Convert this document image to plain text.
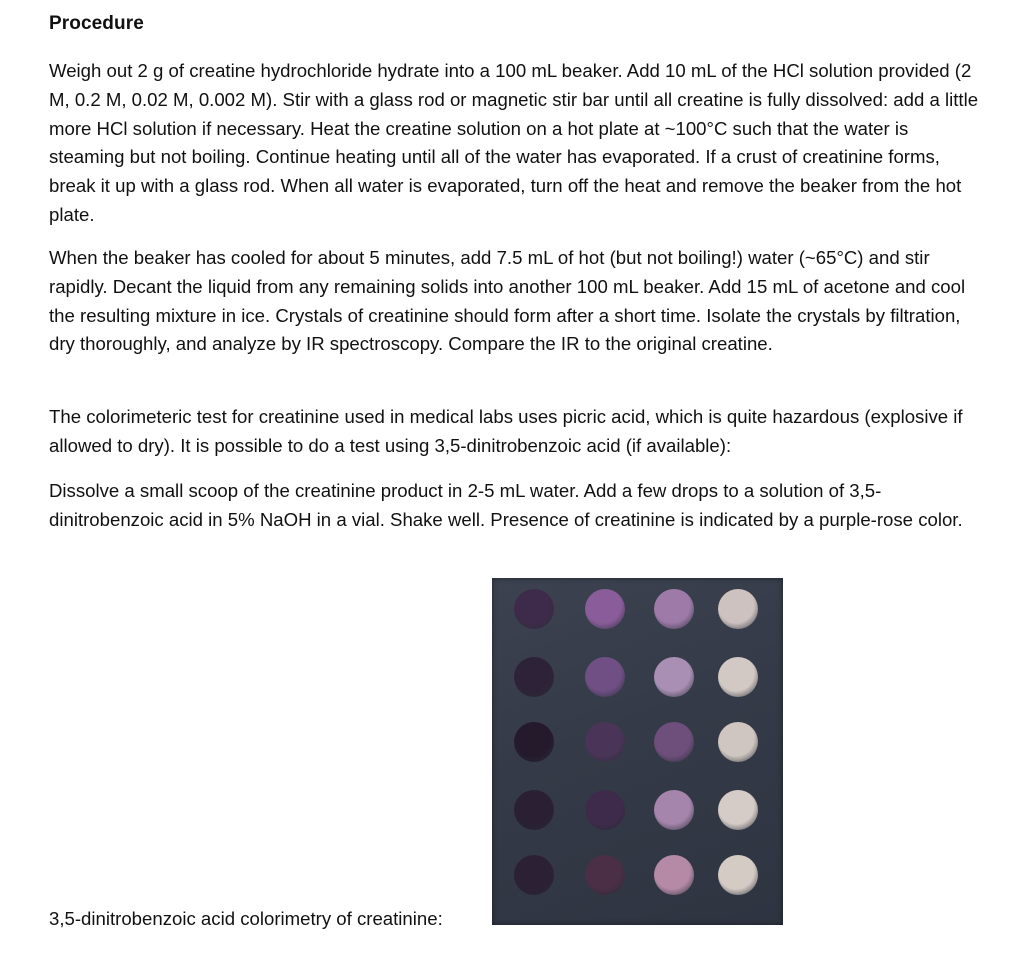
Procedure

Weigh out 2 g of creatine hydrochloride hydrate into a 100 mL beaker. Add 10 mL of the HCl solution provided (2 M, 0.2 M, 0.02 M, 0.002 M). Stir with a glass rod or magnetic stir bar until all creatine is fully dissolved: add a little more HCl solution if necessary. Heat the creatine solution on a hot plate at ~100°C such that the water is steaming but not boiling. Continue heating until all of the water has evaporated. If a crust of creatinine forms, break it up with a glass rod. When all water is evaporated, turn off the heat and remove the beaker from the hot plate.

When the beaker has cooled for about 5 minutes, add 7.5 mL of hot (but not boiling!) water (~65°C) and stir rapidly. Decant the liquid from any remaining solids into another 100 mL beaker. Add 15 mL of acetone and cool the resulting mixture in ice. Crystals of creatinine should form after a short time. Isolate the crystals by filtration, dry thoroughly, and analyze by IR spectroscopy. Compare the IR to the original creatine.

The colorimeteric test for creatinine used in medical labs uses picric acid, which is quite hazardous (explosive if allowed to dry). It is possible to do a test using 3,5-dinitrobenzoic acid (if available):

Dissolve a small scoop of the creatinine product in 2-5 mL water. Add a few drops to a solution of 3,5-dinitrobenzoic acid in 5% NaOH in a vial. Shake well. Presence of creatinine is indicated by a purple-rose color.

3,5-dinitrobenzoic acid colorimetry of creatinine:
